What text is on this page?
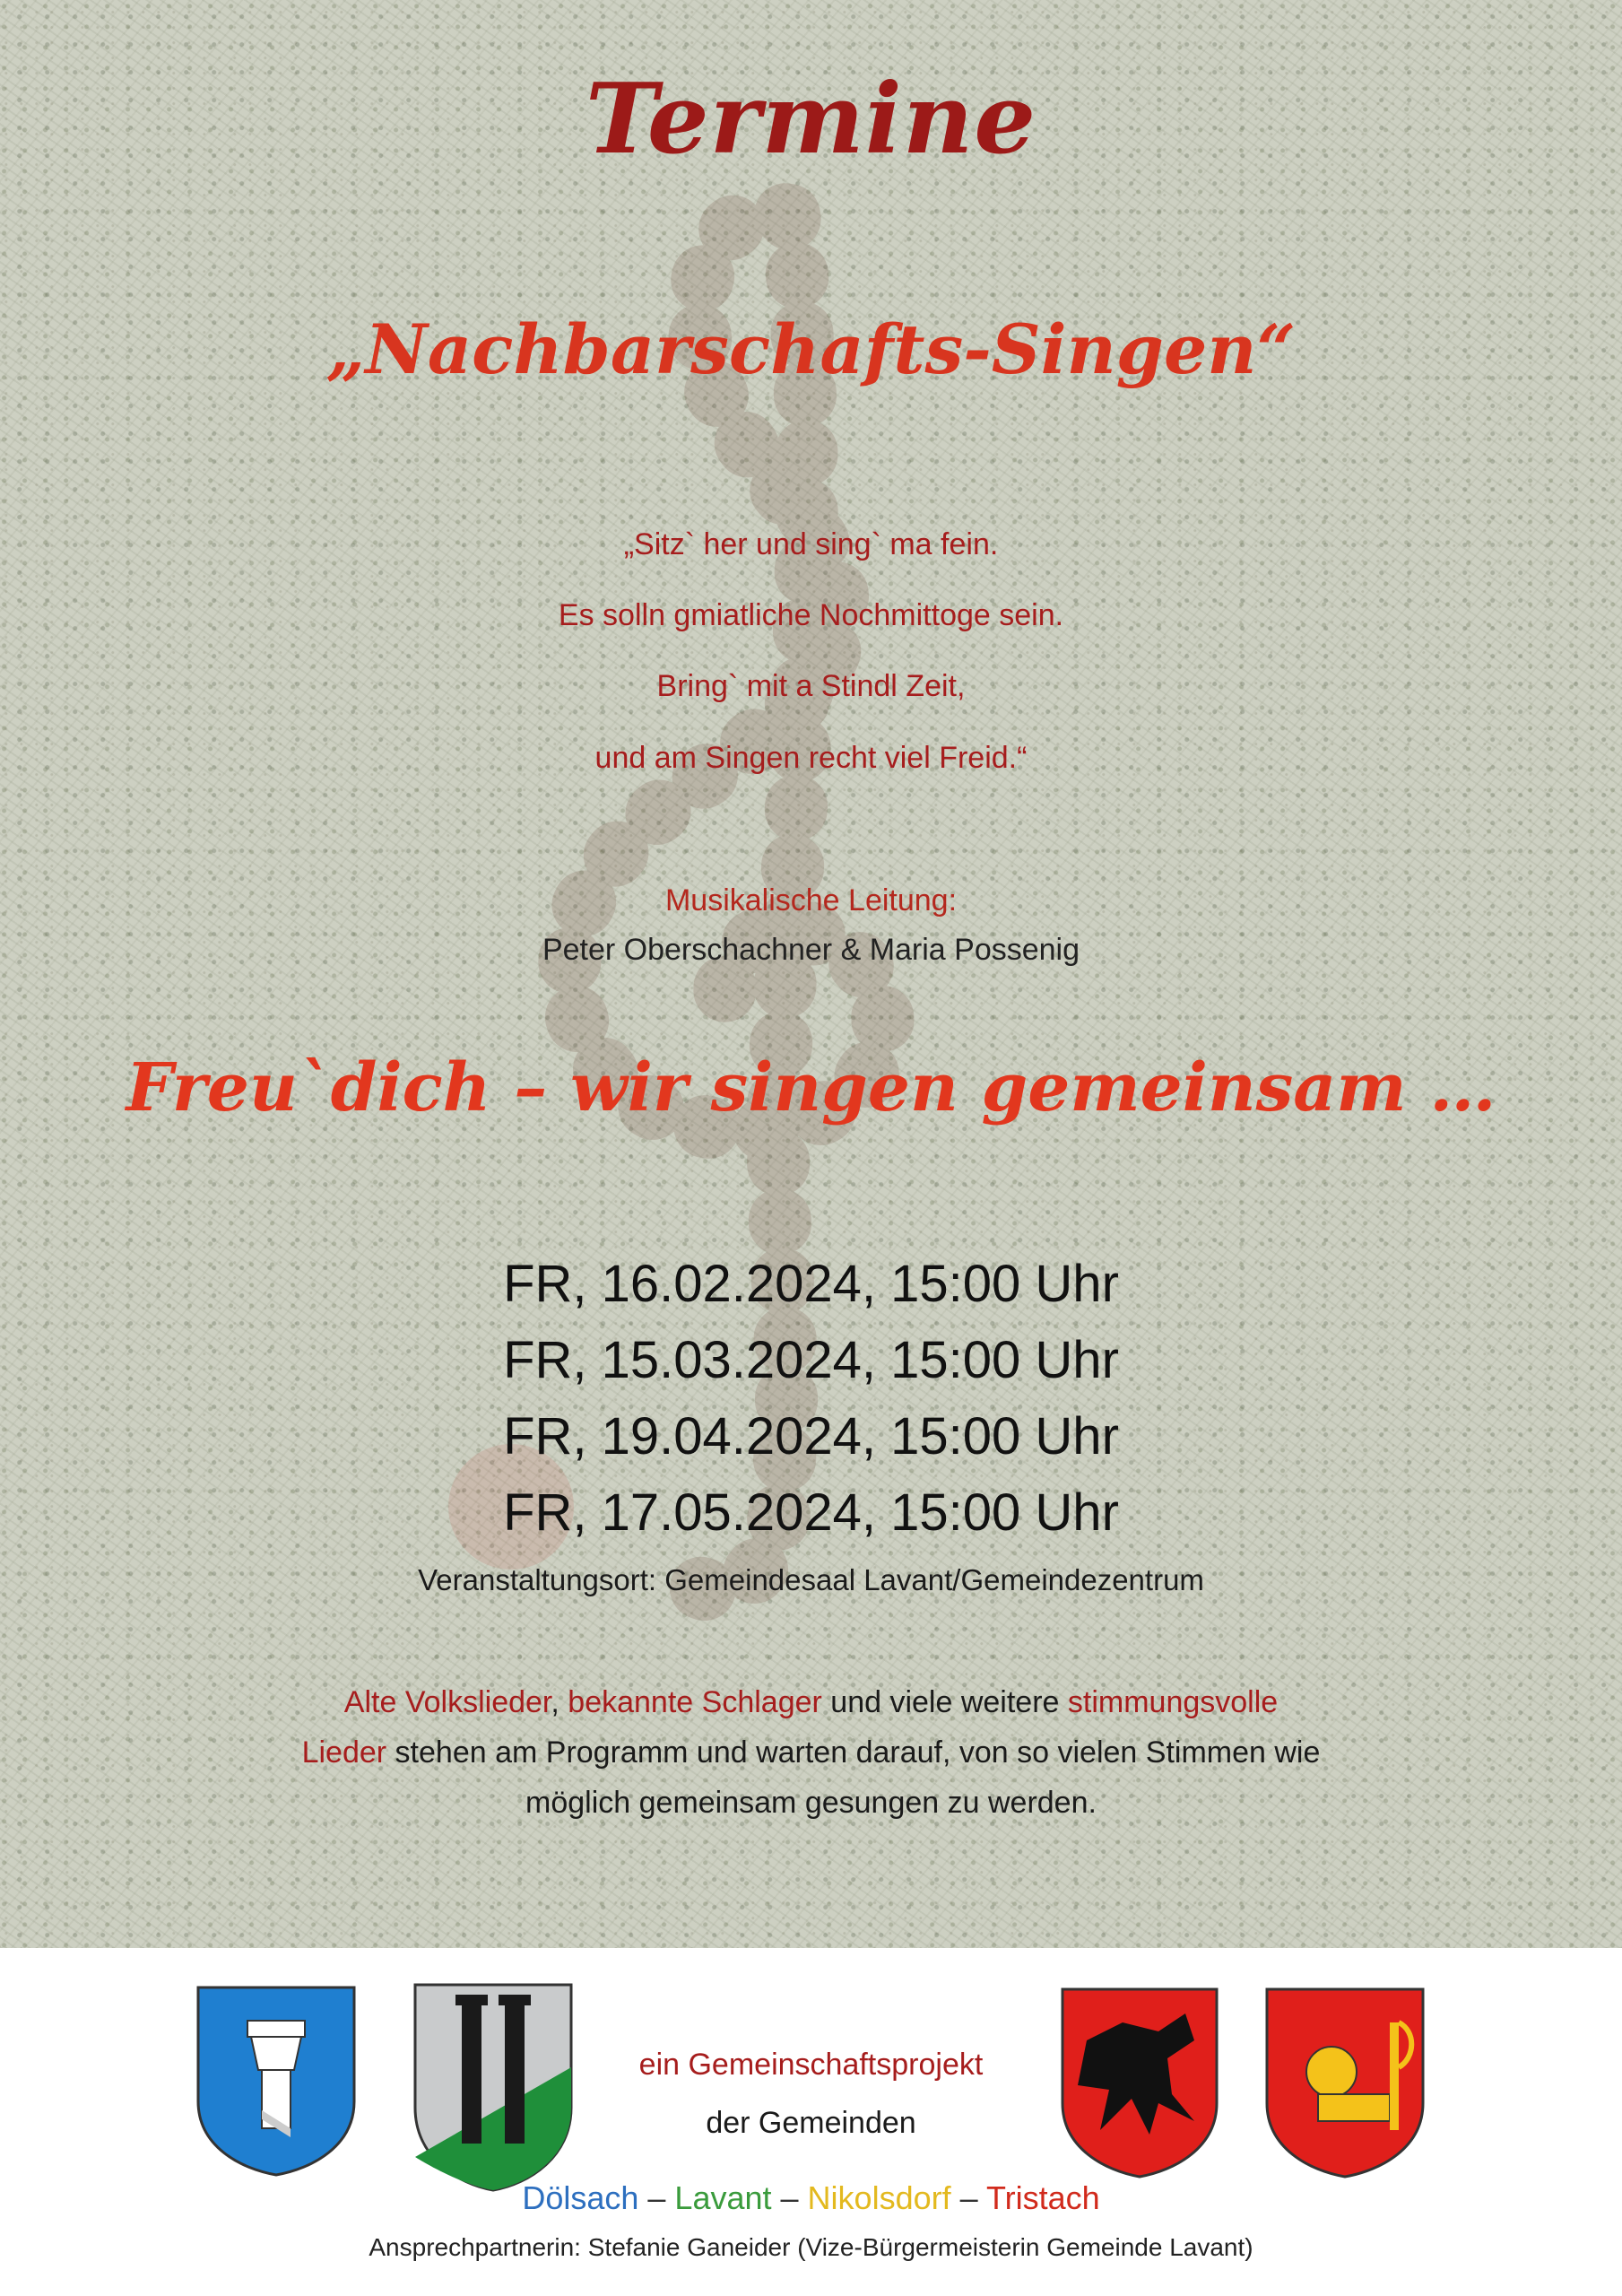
Termine
„Nachbarschafts-Singen“
„Sitz` her und sing` ma fein.
Es solln gmiatliche Nochmittoge sein.
Bring` mit a Stindl Zeit,
und am Singen recht viel Freid.“
Musikalische Leitung:
Peter Oberschachner & Maria Possenig
Freu`dich – wir singen gemeinsam …
FR, 16.02.2024, 15:00 Uhr
FR, 15.03.2024, 15:00 Uhr
FR, 19.04.2024, 15:00 Uhr
FR, 17.05.2024, 15:00 Uhr
Veranstaltungsort: Gemeindesaal Lavant/Gemeindezentrum
Alte Volkslieder, bekannte Schlager und viele weitere stimmungsvolle
Lieder stehen am Programm und warten darauf, von so vielen Stimmen wie
möglich gemeinsam gesungen zu werden.
ein Gemeinschaftsprojekt
der Gemeinden
Dölsach – Lavant – Nikolsdorf – Tristach
Ansprechpartnerin: Stefanie Ganeider (Vize-Bürgermeisterin Gemeinde Lavant)
